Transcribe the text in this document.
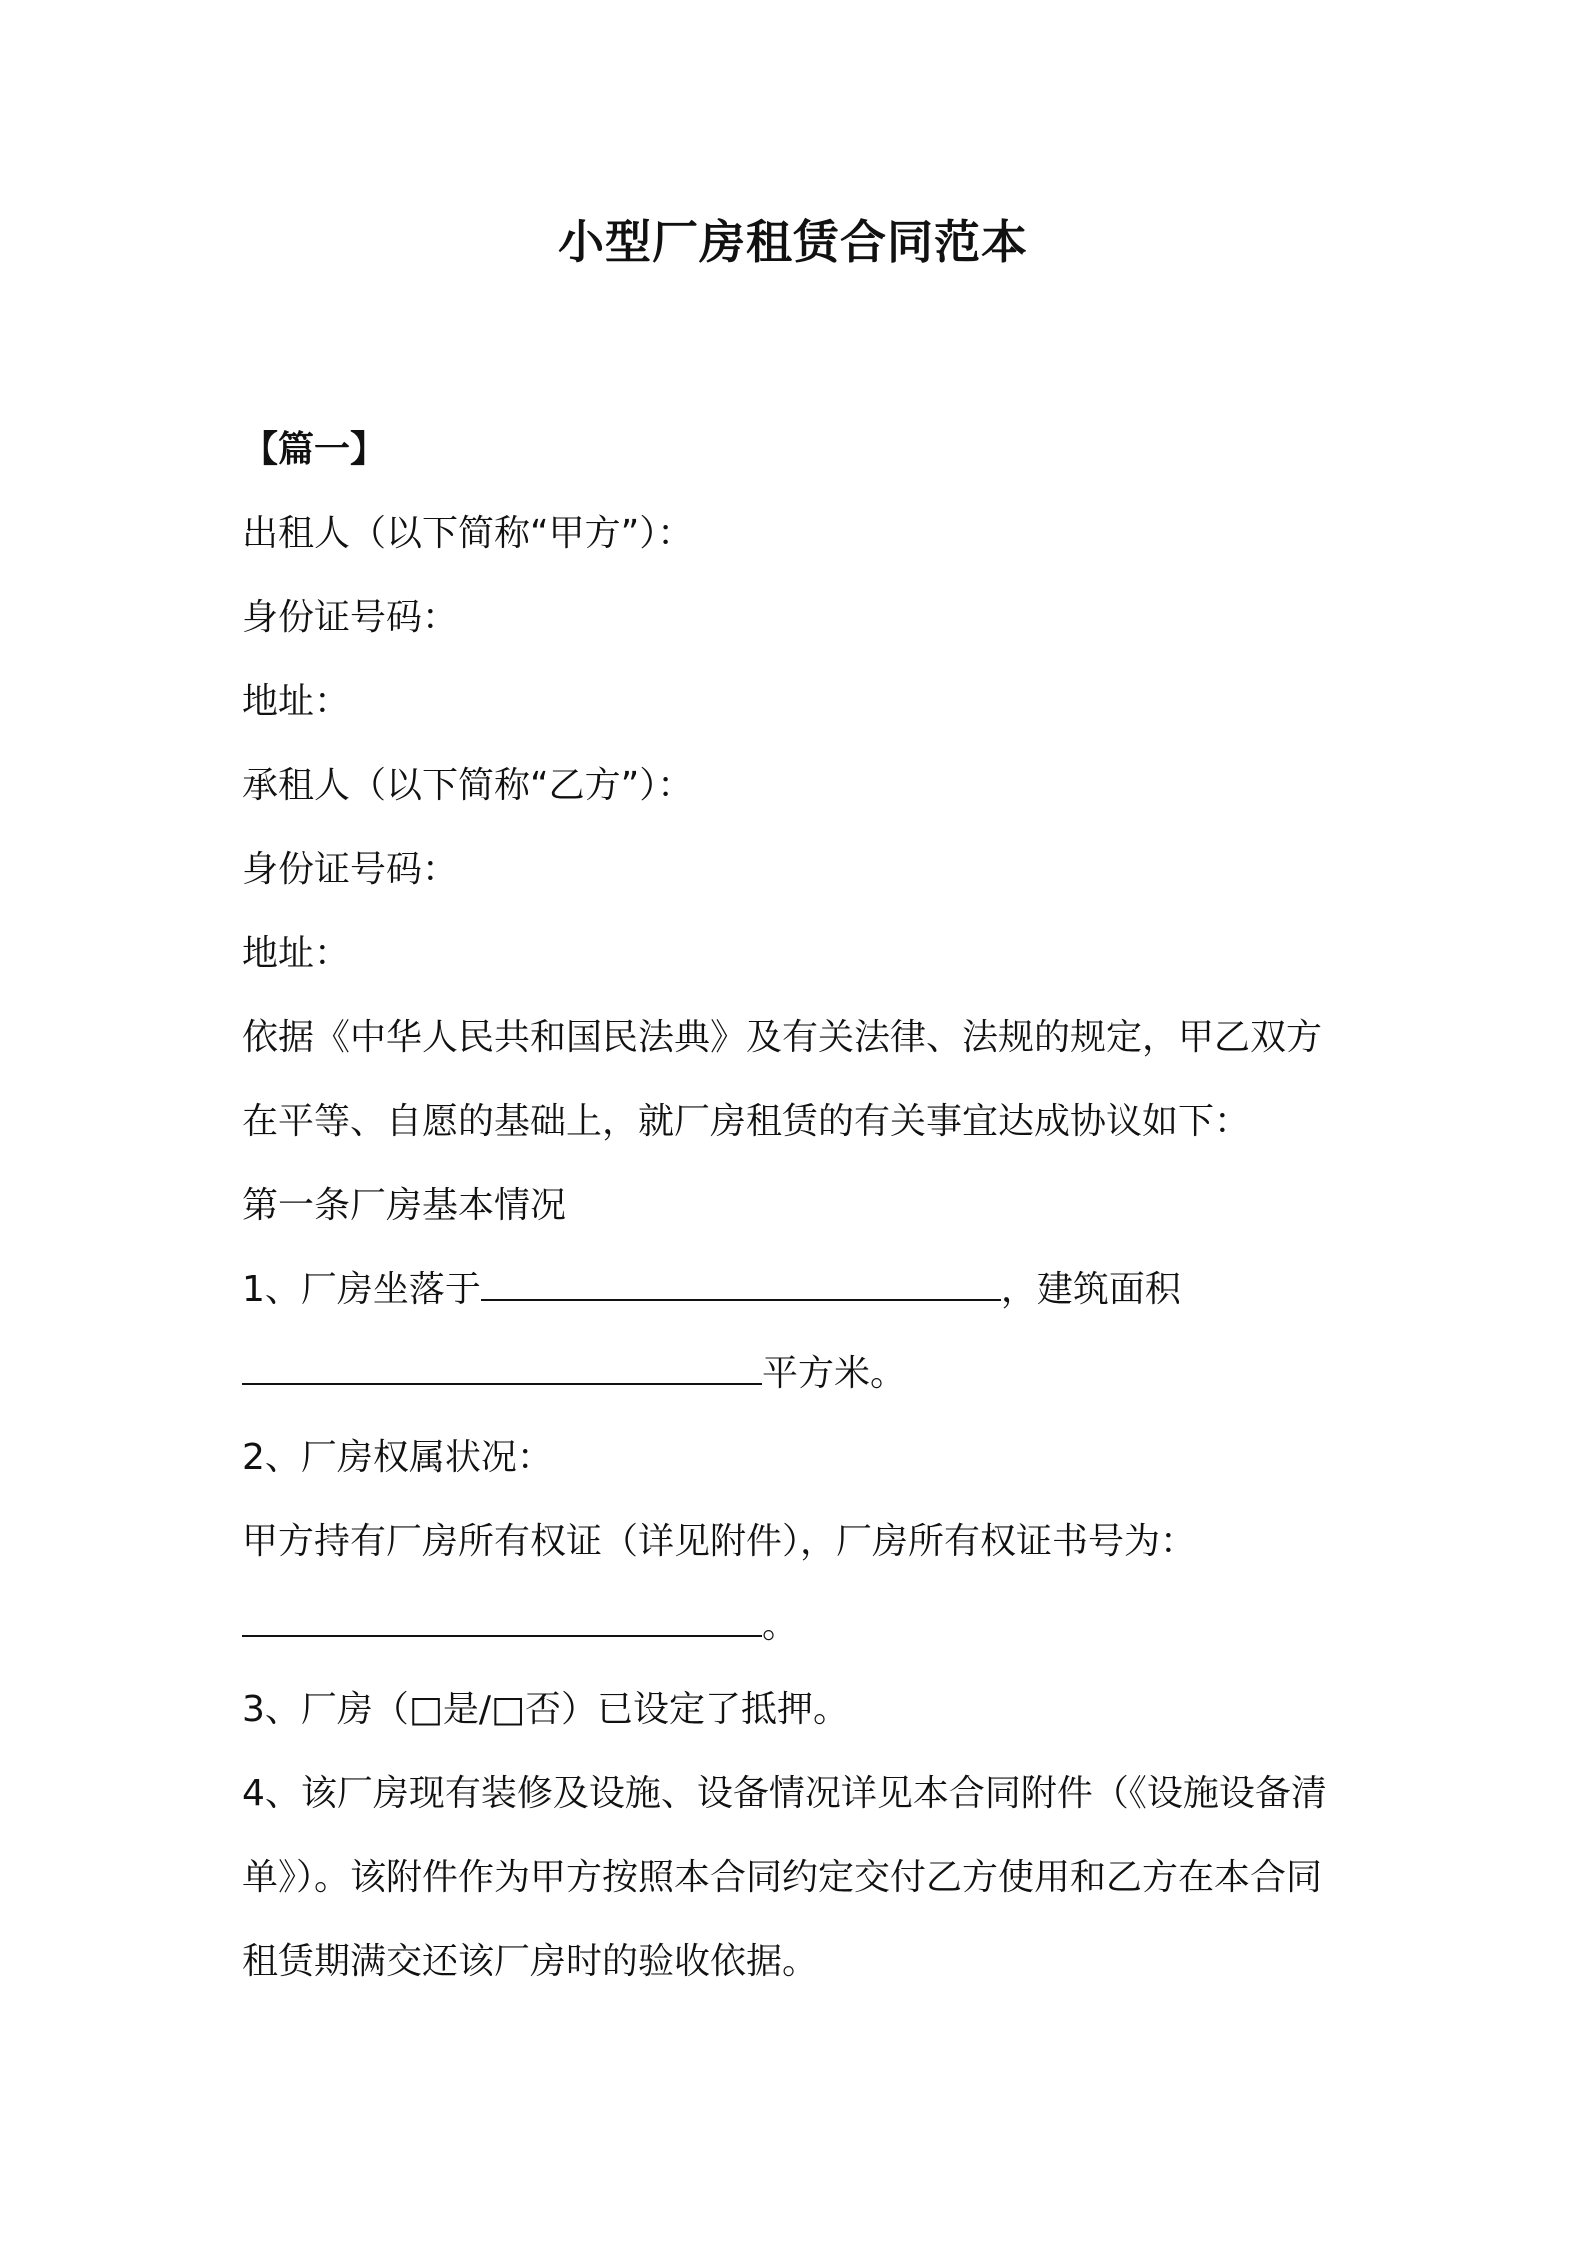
小型厂房租赁合同范本
【篇一】
出租人（以下简称“甲方”）：
身份证号码：
地址：
承租人（以下简称“乙方”）：
身份证号码：
地址：
依据《中华人民共和国民法典》及有关法律、法规的规定，甲乙双方
在平等、自愿的基础上，就厂房租赁的有关事宜达成协议如下：
第一条厂房基本情况
1、厂房坐落于	，建筑面积
平方米。
2、厂房权属状况：
甲方持有厂房所有权证（详见附件），厂房所有权证书号为：
。
3、厂房（□是/□否）已设定了抵押。
4、该厂房现有装修及设施、设备情况详见本合同附件（《设施设备清
单》）。该附件作为甲方按照本合同约定交付乙方使用和乙方在本合同
租赁期满交还该厂房时的验收依据。
